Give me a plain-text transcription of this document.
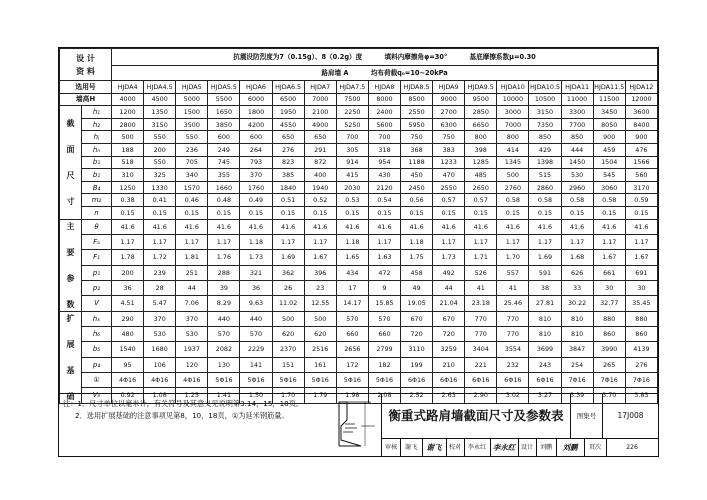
设 计
资 料		抗震设防烈度为7（0.15g）、8（0.2g）度 填料内摩擦角φ=30° 基底摩擦系数μ=0.30																
		路肩墙 A 均布荷载q₀=10~20kPa																
选用号		HJDA4	HJDA4.5	HJDA5	HJDA5.5	HJDA6	HJDA6.5	HJDA7	HJDA7.5	HJDA8	HJDA8.5	HJDA9	HJDA9.5	HJDA10	HJDA10.5	HJDA11	HJDA11.5	HJDA12
墙高H		4000	4500	5000	5500	6000	6500	7000	7500	8000	8500	9000	9500	10000	10500	11000	11500	12000
截

面

尺

寸	h₁	1200	1350	1500	1650	1800	1950	2100	2250	2400	2550	2700	2850	3000	3150	3300	3450	3600
	h₂	2800	3150	3500	3850	4200	4550	4900	5250	5600	5950	6300	6650	7000	7350	7700	8050	8400
	hⱼ	500	550	550	600	600	650	650	700	700	750	750	800	800	850	850	900	900
	hₙ	188	200	236	249	264	276	291	305	318	368	383	398	414	429	444	459	476
	b₁	518	550	705	745	793	823	872	914	954	1188	1233	1285	1345	1398	1450	1504	1566
	b₁	310	325	340	355	370	385	400	415	430	450	470	485	500	515	530	545	560
	B₄	1250	1330	1570	1660	1760	1840	1940	2030	2120	2450	2550	2650	2760	2860	2960	3060	3170
	m₂	0.38	0.41	0.46	0.48	0.49	0.51	0.52	0.53	0.54	0.56	0.57	0.57	0.58	0.58	0.58	0.58	0.59
	n	0.15	0.15	0.15	0.15	0.15	0.15	0.15	0.15	0.15	0.15	0.15	0.15	0.15	0.15	0.15	0.15	0.15
主

要

参

数	θ	41.6	41.6	41.6	41.6	41.6	41.6	41.6	41.6	41.6	41.6	41.6	41.6	41.6	41.6	41.6	41.6	41.6
	Fₐ	1.17	1.17	1.17	1.17	1.18	1.17	1.17	1.18	1.17	1.18	1.17	1.17	1.17	1.17	1.17	1.17	1.17
	F₁	1.78	1.72	1.81	1.76	1.73	1.69	1.67	1.65	1.63	1.75	1.73	1.71	1.70	1.69	1.68	1.67	1.67
	p₁	200	239	251	288	321	362	396	434	472	458	492	526	557	591	626	661	691
	p₂	36	28	44	39	36	26	23	17	9	49	44	41	41	38	33	30	30
	V	4.51	5.47	7.06	8.29	9.63	11.02	12.55	14.17	15.85	19.05	21.04	23.18	25.46	27.81	30.22	32.77	35.45
扩

展

基

础	hₓ	290	370	370	440	440	500	500	570	570	670	670	770	770	810	810	880	880
	h₆	480	530	530	570	570	620	620	660	660	720	720	770	770	810	810	860	860
	b₅	1540	1680	1937	2082	2229	2370	2516	2656	2799	3110	3259	3404	3554	3699	3847	3990	4139
	p₄	95	106	120	130	141	151	161	172	182	199	210	221	232	243	254	265	276
	①	4Φ16	4Φ16	4Φ16	5Φ16	5Φ16	5Φ16	5Φ16	5Φ16	5Φ16	6Φ16	6Φ16	6Φ16	6Φ16	6Φ16	7Φ16	7Φ16	7Φ16
	Vₑ	0.92	1.08	1.25	1.41	1.50	1.70	1.79	1.98	2.08	2.52	2.63	2.90	3.02	3.27	3.39	3.70	3.83
注：1．尺寸单位以毫米计，有关符号及其意义见说明第3.14，15，18页。
2．选用扩展基础的注意事项见第8，10，18页，①为延米钢筋量。	衡重式路肩墙截面尺寸及参数表	图集号	17J008
审核	谢飞	谢飞	校对	李永红 李永红 设计	刘鹏	刘鹏	页次	226
